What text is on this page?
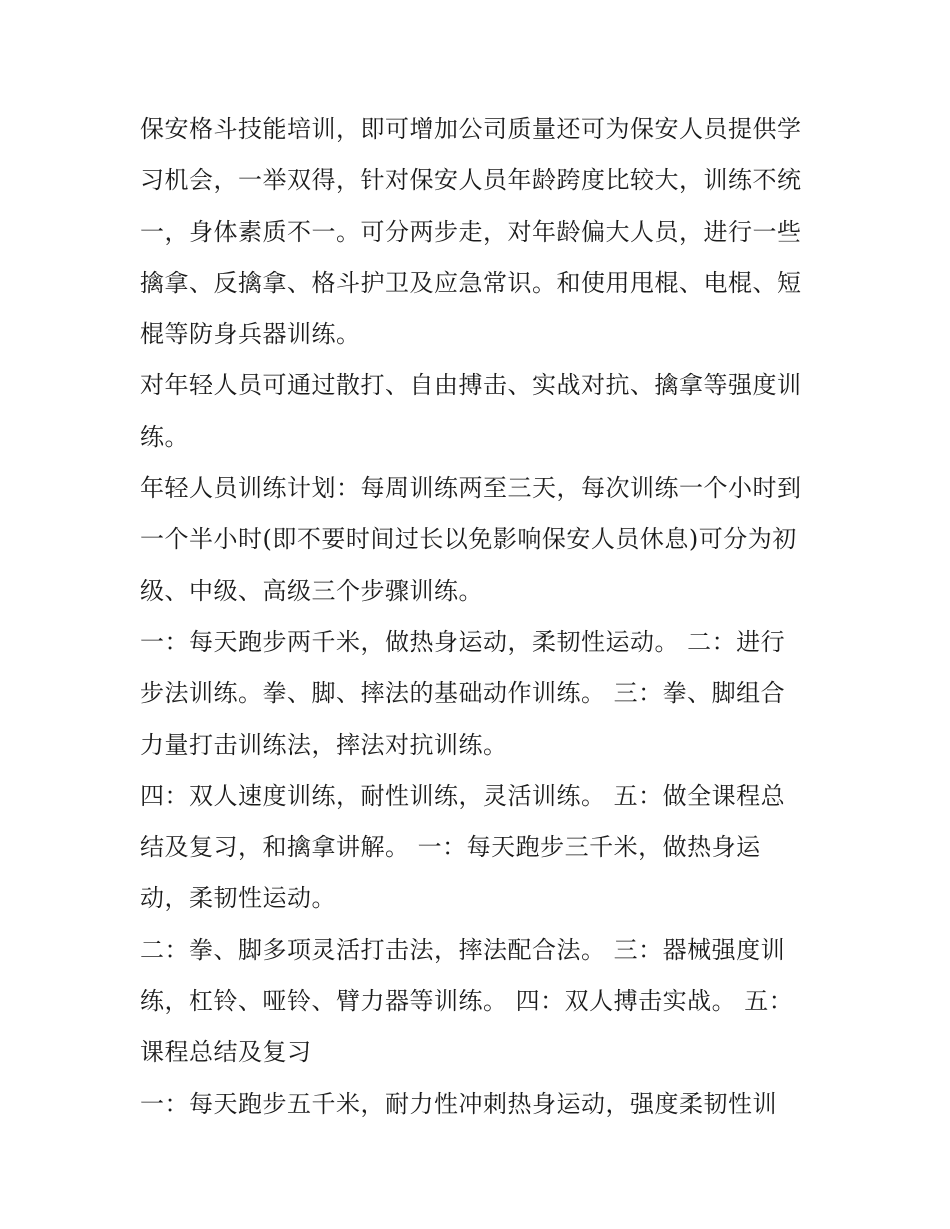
保安格斗技能培训，即可增加公司质量还可为保安人员提供学
习机会，一举双得，针对保安人员年龄跨度比较大，训练不统
一，身体素质不一。可分两步走，对年龄偏大人员，进行一些
擒拿、反擒拿、格斗护卫及应急常识。和使用甩棍、电棍、短
棍等防身兵器训练。
对年轻人员可通过散打、自由搏击、实战对抗、擒拿等强度训
练。
年轻人员训练计划：每周训练两至三天，每次训练一个小时到
一个半小时(即不要时间过长以免影响保安人员休息)可分为初
级、中级、高级三个步骤训练。
一：每天跑步两千米，做热身运动，柔韧性运动。 二：进行
步法训练。拳、脚、摔法的基础动作训练。 三：拳、脚组合
力量打击训练法，摔法对抗训练。
四：双人速度训练，耐性训练，灵活训练。 五：做全课程总
结及复习，和擒拿讲解。 一：每天跑步三千米，做热身运
动，柔韧性运动。
二：拳、脚多项灵活打击法，摔法配合法。 三：器械强度训
练，杠铃、哑铃、臂力器等训练。 四：双人搏击实战。 五：
课程总结及复习
一：每天跑步五千米，耐力性冲刺热身运动，强度柔韧性训
